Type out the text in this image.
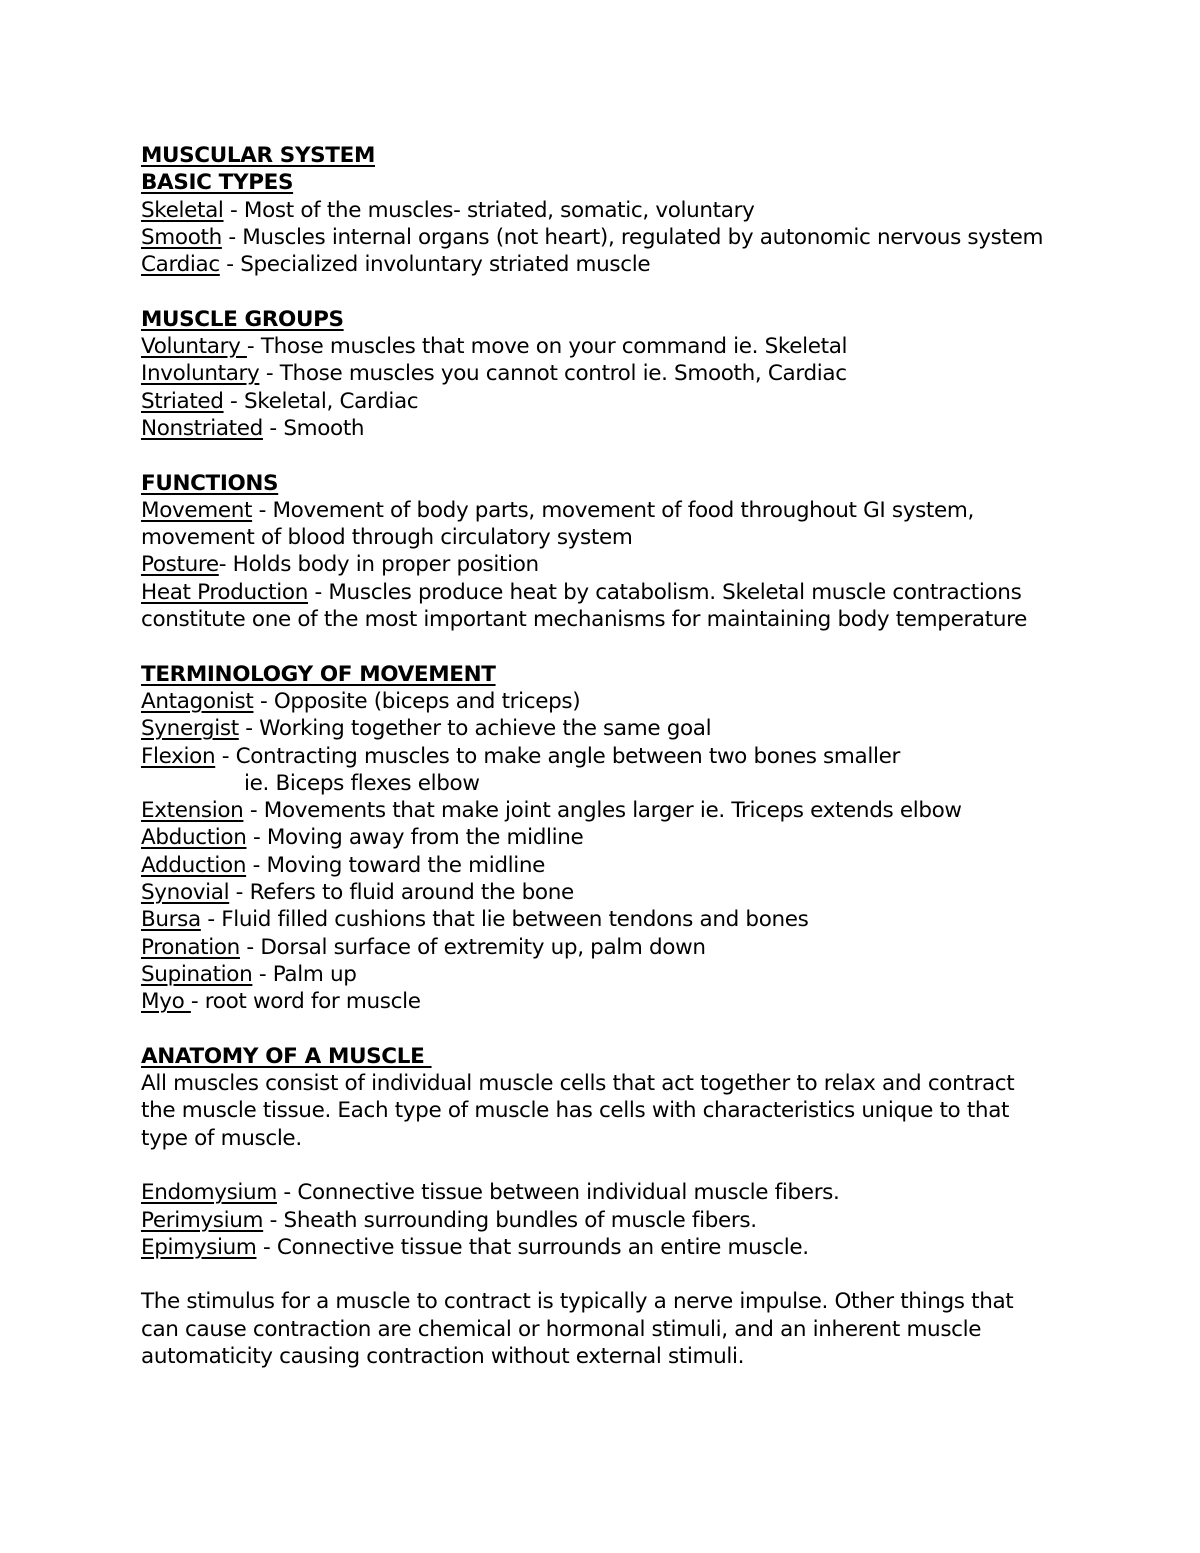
MUSCULAR SYSTEM
BASIC TYPES
Skeletal - Most of the muscles- striated, somatic, voluntary
Smooth - Muscles internal organs (not heart), regulated by autonomic nervous system
Cardiac - Specialized involuntary striated muscle
MUSCLE GROUPS
Voluntary - Those muscles that move on your command ie. Skeletal
Involuntary - Those muscles you cannot control ie. Smooth, Cardiac
Striated - Skeletal, Cardiac
Nonstriated - Smooth
FUNCTIONS
Movement - Movement of body parts, movement of food throughout GI system,
movement of blood through circulatory system
Posture- Holds body in proper position
Heat Production - Muscles produce heat by catabolism. Skeletal muscle contractions
constitute one of the most important mechanisms for maintaining body temperature
TERMINOLOGY OF MOVEMENT
Antagonist - Opposite (biceps and triceps)
Synergist - Working together to achieve the same goal
Flexion - Contracting muscles to make angle between two bones smaller
ie. Biceps flexes elbow
Extension - Movements that make joint angles larger ie. Triceps extends elbow
Abduction - Moving away from the midline
Adduction - Moving toward the midline
Synovial - Refers to fluid around the bone
Bursa - Fluid filled cushions that lie between tendons and bones
Pronation - Dorsal surface of extremity up, palm down
Supination - Palm up
Myo - root word for muscle
ANATOMY OF A MUSCLE
All muscles consist of individual muscle cells that act together to relax and contract
the muscle tissue. Each type of muscle has cells with characteristics unique to that
type of muscle.
Endomysium - Connective tissue between individual muscle fibers.
Perimysium - Sheath surrounding bundles of muscle fibers.
Epimysium - Connective tissue that surrounds an entire muscle.
The stimulus for a muscle to contract is typically a nerve impulse. Other things that
can cause contraction are chemical or hormonal stimuli, and an inherent muscle
automaticity causing contraction without external stimuli.
